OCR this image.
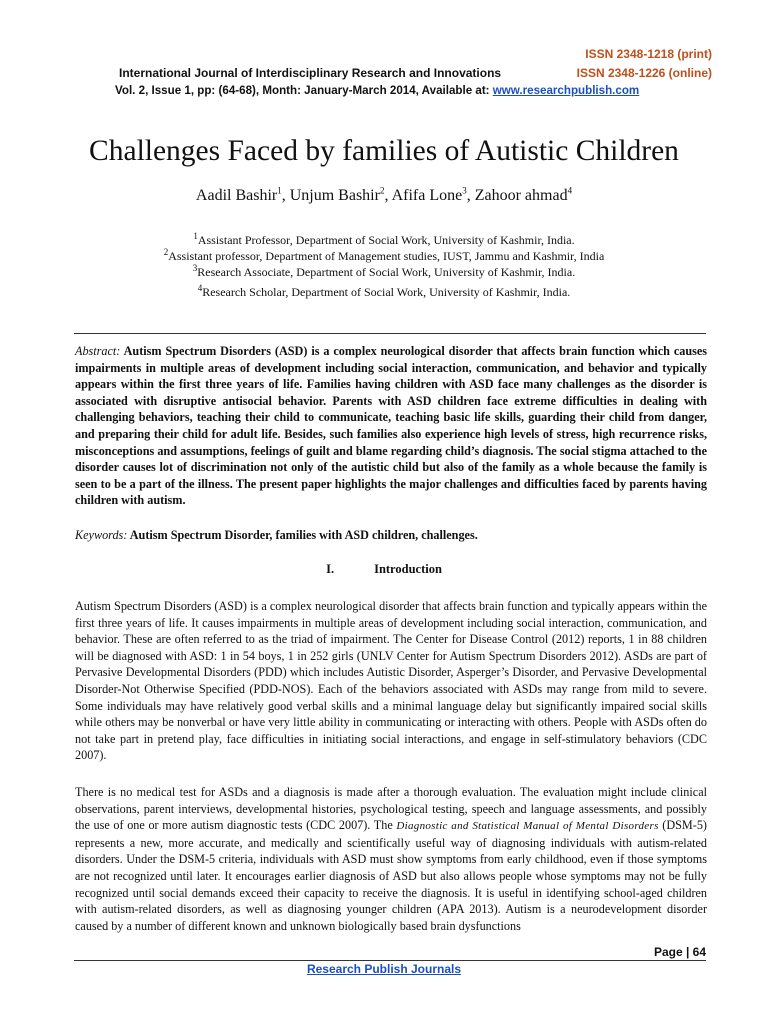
ISSN 2348-1218 (print)
ISSN 2348-1226 (online)
International Journal of Interdisciplinary Research and Innovations
Vol. 2, Issue 1, pp: (64-68), Month: January-March 2014, Available at: www.researchpublish.com
Challenges Faced by families of Autistic Children
Aadil Bashir$^1$, Unjum Bashir$^2$, Afifa Lone$^3$, Zahoor ahmad$^4$
$^1$Assistant Professor, Department of Social Work, University of Kashmir, India.
$^2$Assistant professor, Department of Management studies, IUST, Jammu and Kashmir, India
$^3$Research Associate, Department of Social Work, University of Kashmir, India.
$^4$Research Scholar, Department of Social Work, University of Kashmir, India.
Abstract: Autism Spectrum Disorders (ASD) is a complex neurological disorder that affects brain function which causes impairments in multiple areas of development including social interaction, communication, and behavior and typically appears within the first three years of life. Families having children with ASD face many challenges as the disorder is associated with disruptive antisocial behavior. Parents with ASD children face extreme difficulties in dealing with challenging behaviors, teaching their child to communicate, teaching basic life skills, guarding their child from danger, and preparing their child for adult life. Besides, such families also experience high levels of stress, high recurrence risks, misconceptions and assumptions, feelings of guilt and blame regarding child’s diagnosis. The social stigma attached to the disorder causes lot of discrimination not only of the autistic child but also of the family as a whole because the family is seen to be a part of the illness. The present paper highlights the major challenges and difficulties faced by parents having children with autism.
Keywords: Autism Spectrum Disorder, families with ASD children, challenges.
I.	Introduction
Autism Spectrum Disorders (ASD) is a complex neurological disorder that affects brain function and typically appears within the first three years of life. It causes impairments in multiple areas of development including social interaction, communication, and behavior. These are often referred to as the triad of impairment. The Center for Disease Control (2012) reports, 1 in 88 children will be diagnosed with ASD: 1 in 54 boys, 1 in 252 girls (UNLV Center for Autism Spectrum Disorders 2012). ASDs are part of Pervasive Developmental Disorders (PDD) which includes Autistic Disorder, Asperger’s Disorder, and Pervasive Developmental Disorder-Not Otherwise Specified (PDD-NOS). Each of the behaviors associated with ASDs may range from mild to severe. Some individuals may have relatively good verbal skills and a minimal language delay but significantly impaired social skills while others may be nonverbal or have very little ability in communicating or interacting with others. People with ASDs often do not take part in pretend play, face difficulties in initiating social interactions, and engage in self-stimulatory behaviors (CDC 2007).
There is no medical test for ASDs and a diagnosis is made after a thorough evaluation. The evaluation might include clinical observations, parent interviews, developmental histories, psychological testing, speech and language assessments, and possibly the use of one or more autism diagnostic tests (CDC 2007). The Diagnostic and Statistical Manual of Mental Disorders (DSM-5) represents a new, more accurate, and medically and scientifically useful way of diagnosing individuals with autism-related disorders. Under the DSM-5 criteria, individuals with ASD must show symptoms from early childhood, even if those symptoms are not recognized until later. It encourages earlier diagnosis of ASD but also allows people whose symptoms may not be fully recognized until social demands exceed their capacity to receive the diagnosis. It is useful in identifying school-aged children with autism-related disorders, as well as diagnosing younger children (APA 2013). Autism is a neurodevelopment disorder caused by a number of different known and unknown biologically based brain dysfunctions
Page | 64
Research Publish Journals
